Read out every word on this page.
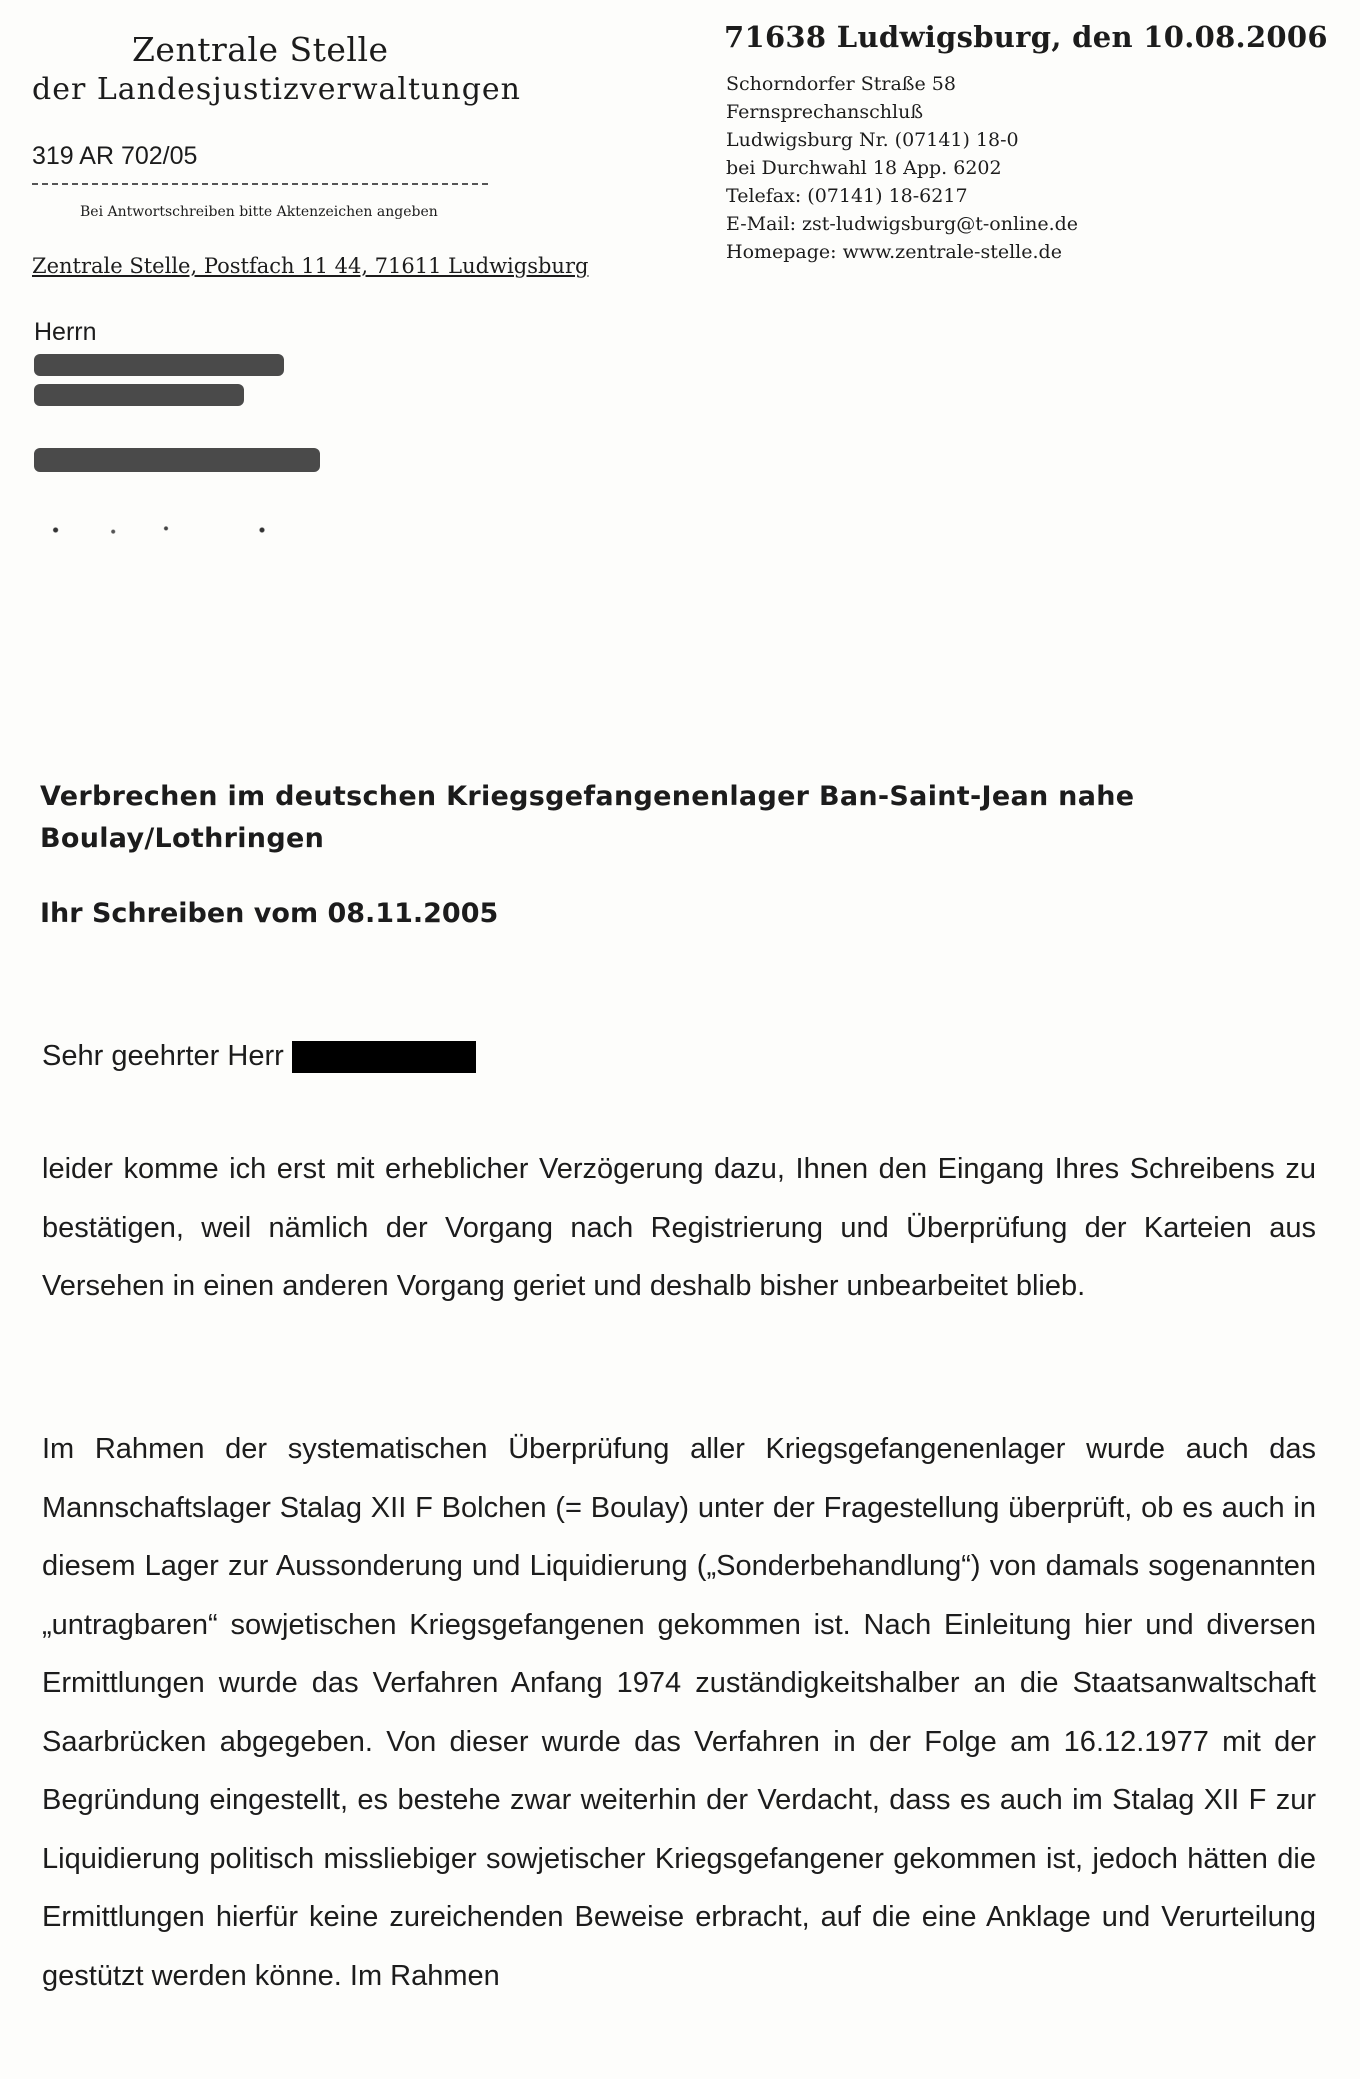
Zentrale Stelle
der Landesjustizverwaltungen
319 AR 702/05
Bei Antwortschreiben bitte Aktenzeichen angeben
Zentrale Stelle, Postfach 11 44, 71611 Ludwigsburg
71638 Ludwigsburg, den 10.08.2006
Schorndorfer Straße 58
Fernsprechanschluß
Ludwigsburg Nr. (07141) 18-0
bei Durchwahl 18 App. 6202
Telefax: (07141) 18-6217
E-Mail: zst-ludwigsburg@t-online.de
Homepage: www.zentrale-stelle.de
Herrn
Verbrechen im deutschen Kriegsgefangenenlager Ban-Saint-Jean nahe Boulay/Lothringen
Ihr Schreiben vom 08.11.2005
Sehr geehrter Herr
leider komme ich erst mit erheblicher Verzögerung dazu, Ihnen den Eingang Ihres Schreibens zu bestätigen, weil nämlich der Vorgang nach Registrierung und Überprüfung der Karteien aus Versehen in einen anderen Vorgang geriet und deshalb bisher unbearbeitet blieb.
Im Rahmen der systematischen Überprüfung aller Kriegsgefangenenlager wurde auch das Mannschaftslager Stalag XII F Bolchen (= Boulay) unter der Fragestellung überprüft, ob es auch in diesem Lager zur Aussonderung und Liquidierung („Sonderbehandlung“) von damals sogenannten „untragbaren“ sowjetischen Kriegsgefangenen gekommen ist. Nach Einleitung hier und diversen Ermittlungen wurde das Verfahren Anfang 1974 zuständigkeitshalber an die Staatsanwaltschaft Saarbrücken abgegeben. Von dieser wurde das Verfahren in der Folge am 16.12.1977 mit der Begründung eingestellt, es bestehe zwar weiterhin der Verdacht, dass es auch im Stalag XII F zur Liquidierung politisch missliebiger sowjetischer Kriegsgefangener gekommen ist, jedoch hätten die Ermittlungen hierfür keine zureichenden Beweise erbracht, auf die eine Anklage und Verurteilung gestützt werden könne. Im Rahmen
